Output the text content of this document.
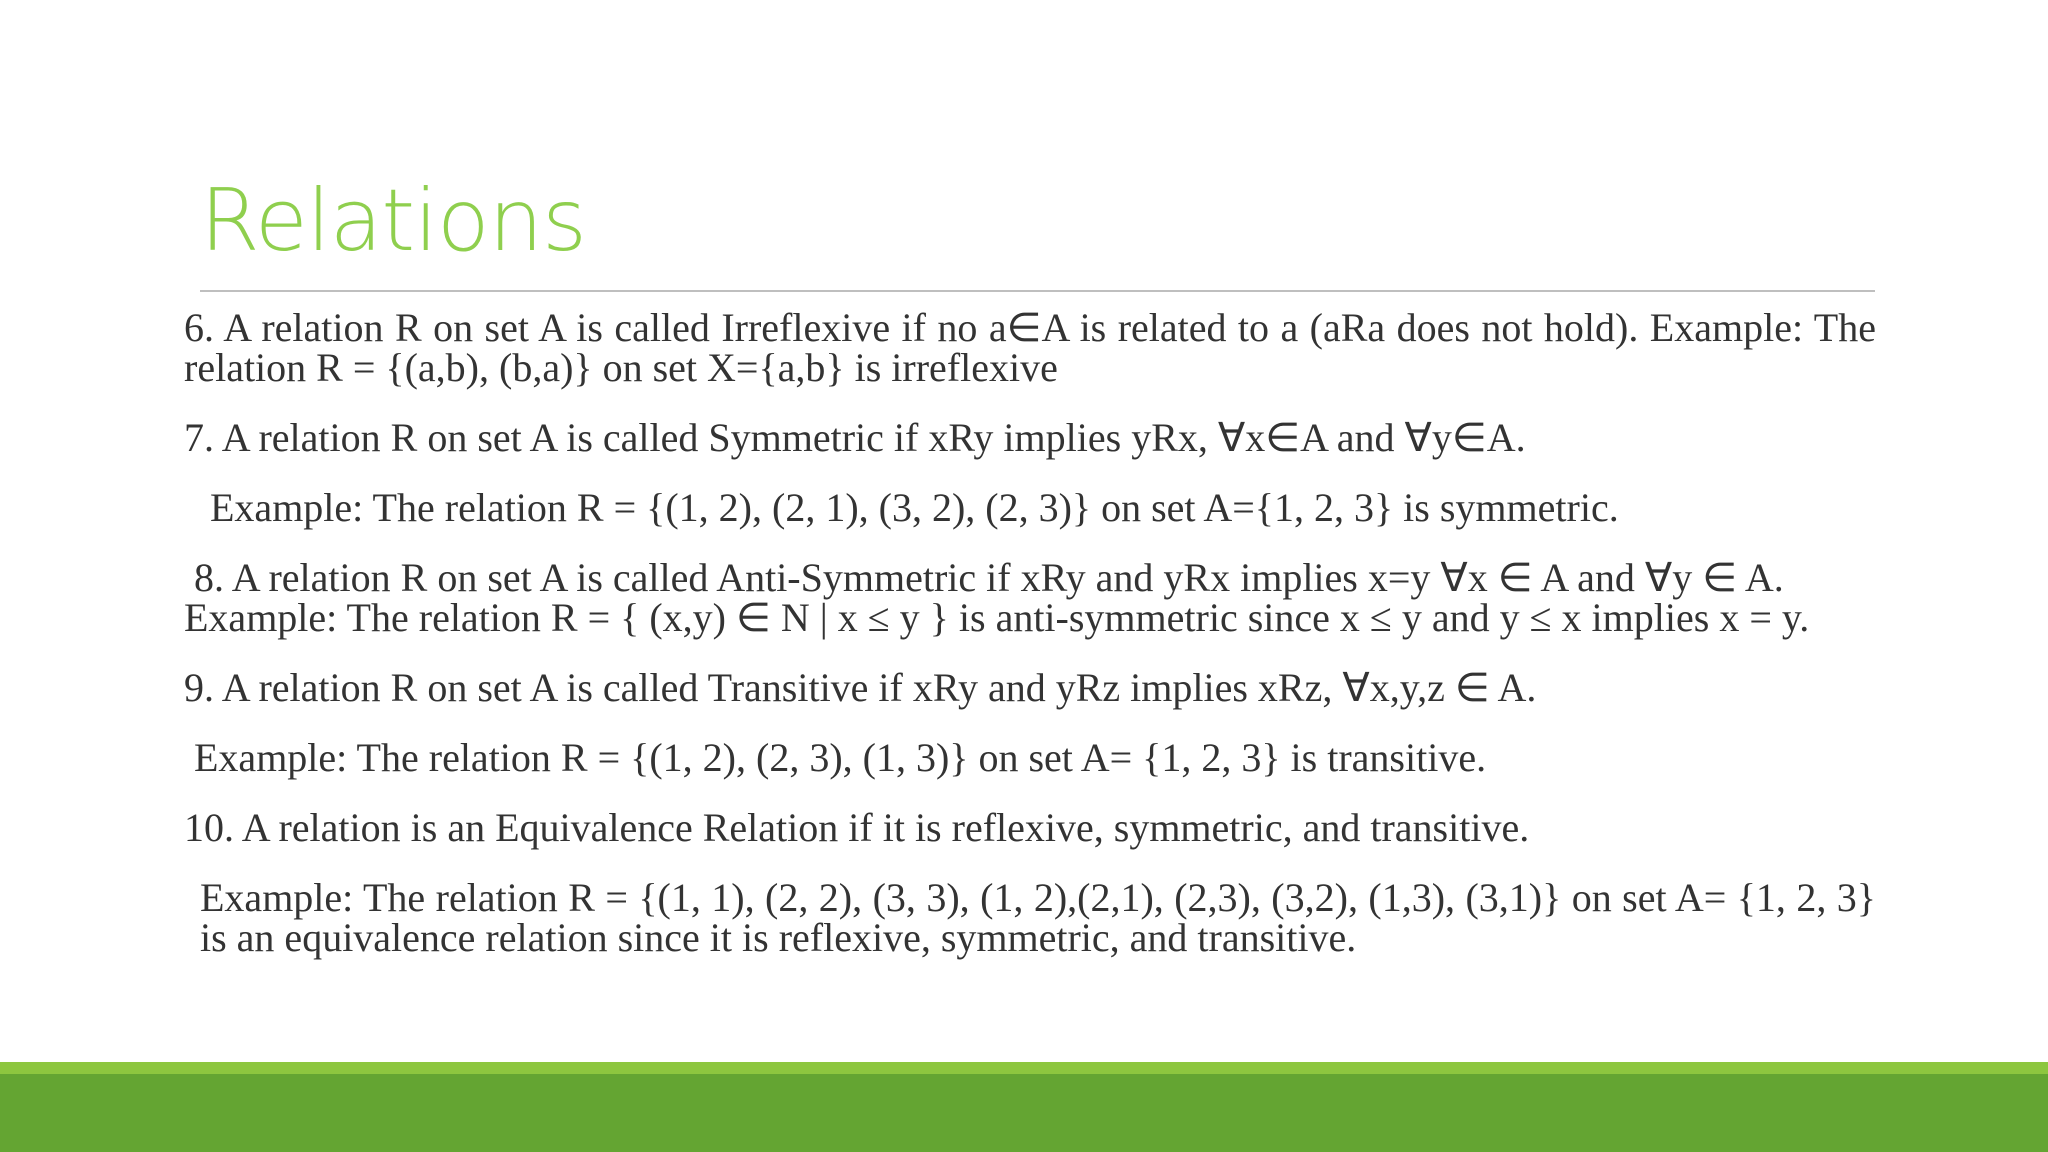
Relations

6. A relation R on set A is called Irreflexive if no a∈A is related to a (aRa does not hold). Example: The relation R = {(a,b), (b,a)} on set X={a,b} is irreflexive

7. A relation R on set A is called Symmetric if xRy implies yRx, ∀x∈A and ∀y∈A.

Example: The relation R = {(1, 2), (2, 1), (3, 2), (2, 3)} on set A={1, 2, 3} is symmetric.

8. A relation R on set A is called Anti-Symmetric if xRy and yRx implies x=y ∀x ∈ A and ∀y ∈ A.
Example: The relation R = { (x,y) ∈ N | x ≤ y } is anti-symmetric since x ≤ y and y ≤ x implies x = y.

9. A relation R on set A is called Transitive if xRy and yRz implies xRz, ∀x,y,z ∈ A.

Example: The relation R = {(1, 2), (2, 3), (1, 3)} on set A= {1, 2, 3} is transitive.

10. A relation is an Equivalence Relation if it is reflexive, symmetric, and transitive.

Example: The relation R = {(1, 1), (2, 2), (3, 3), (1, 2),(2,1), (2,3), (3,2), (1,3), (3,1)} on set A= {1, 2, 3} is an equivalence relation since it is reflexive, symmetric, and transitive.
